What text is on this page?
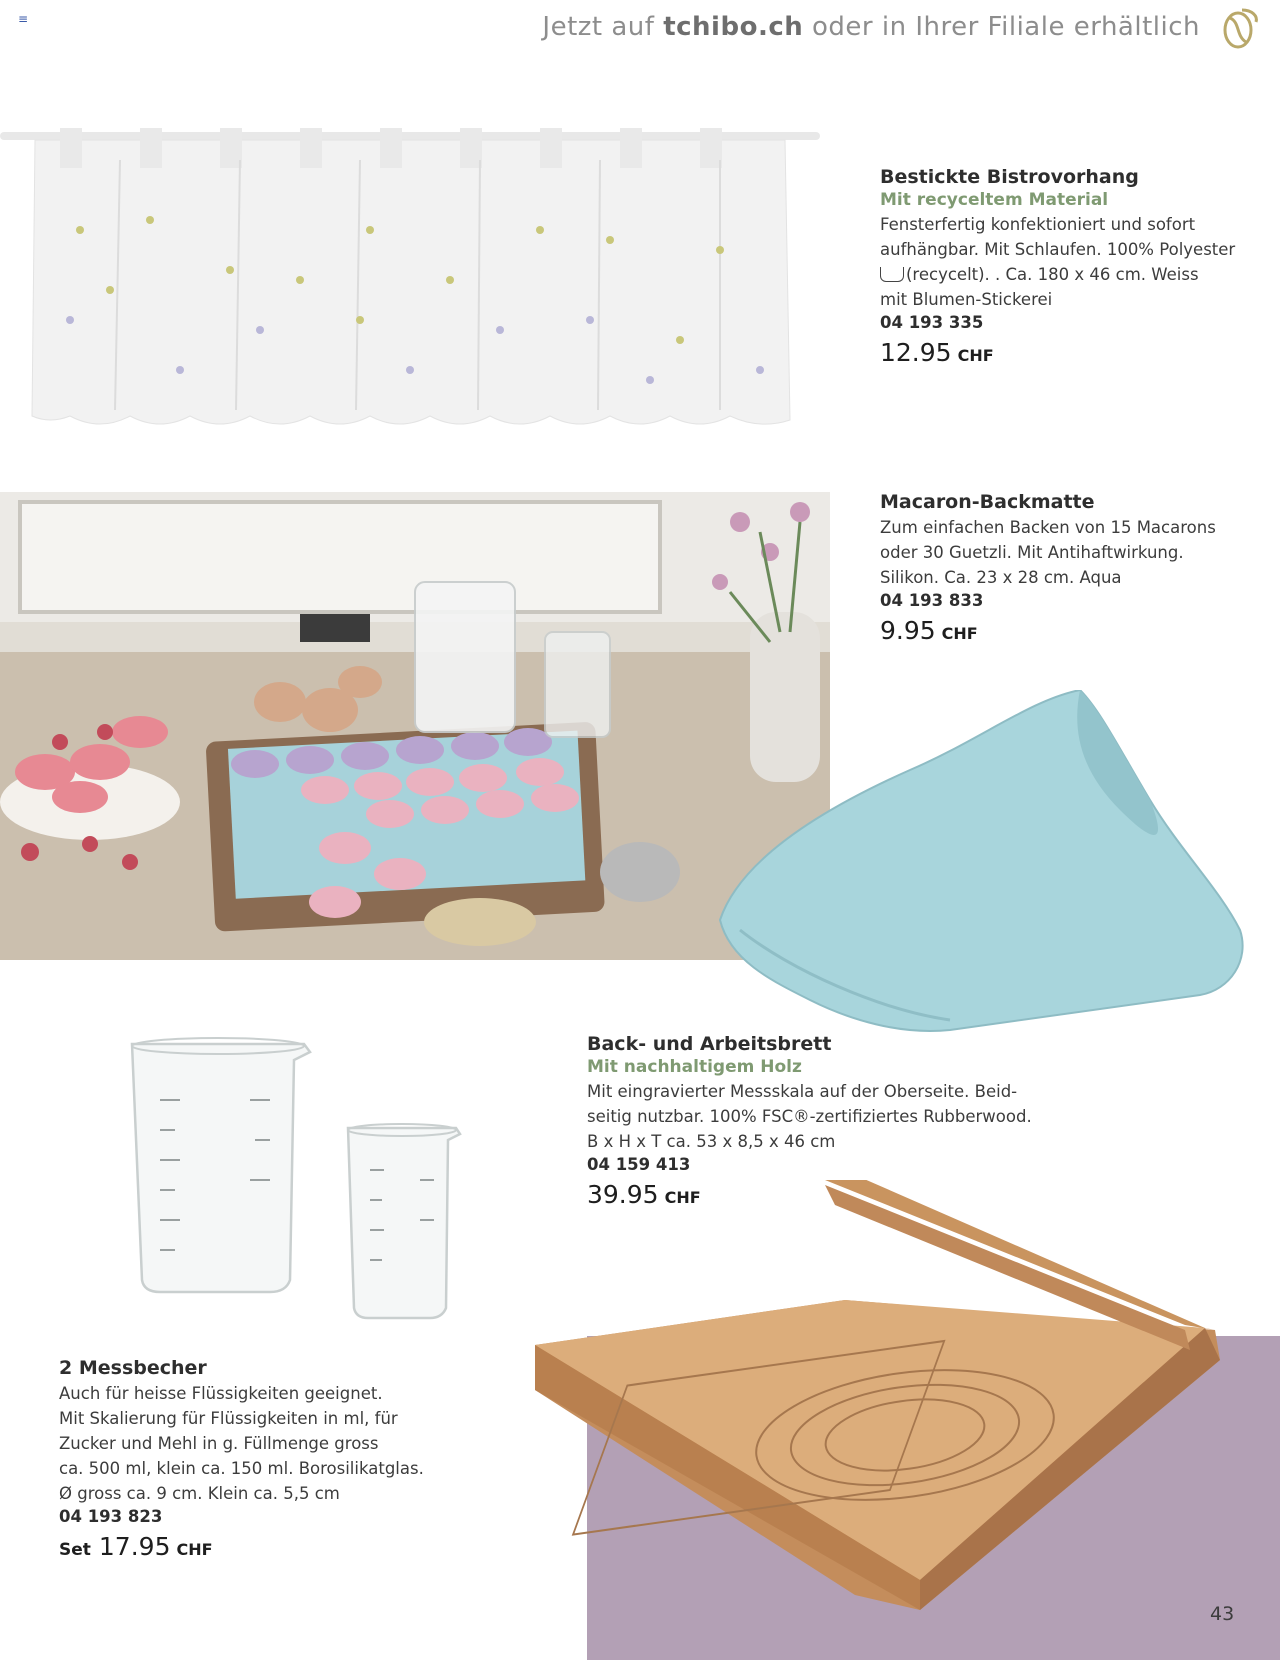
≡	Jetzt auf tchibo.ch oder in Ihrer Filiale erhältlich
Bestickte Bistrovorhang
Mit recyceltem Material
Fensterfertig konfektioniert und sofort
aufhängbar. Mit Schlaufen. 100% Polyester
(recycelt). . Ca. 180 x 46 cm. Weiss
mit Blumen-Stickerei
04 193 335
12.95 CHF
Macaron-Backmatte
Zum einfachen Backen von 15 Macarons
oder 30 Guetzli. Mit Antihaftwirkung.
Silikon. Ca. 23 x 28 cm. Aqua
04 193 833
9.95 CHF
Back- und Arbeitsbrett
Mit nachhaltigem Holz
Mit eingravierter Messskala auf der Oberseite. Beid-
seitig nutzbar. 100% FSC®-zertifiziertes Rubberwood.
B x H x T ca. 53 x 8,5 x 46 cm
04 159 413
39.95 CHF
2 Messbecher
Auch für heisse Flüssigkeiten geeignet.
Mit Skalierung für Flüssigkeiten in ml, für
Zucker und Mehl in g. Füllmenge gross
ca. 500 ml, klein ca. 150 ml. Borosilikatglas.
Ø gross ca. 9 cm. Klein ca. 5,5 cm
04 193 823
Set 17.95 CHF
43
